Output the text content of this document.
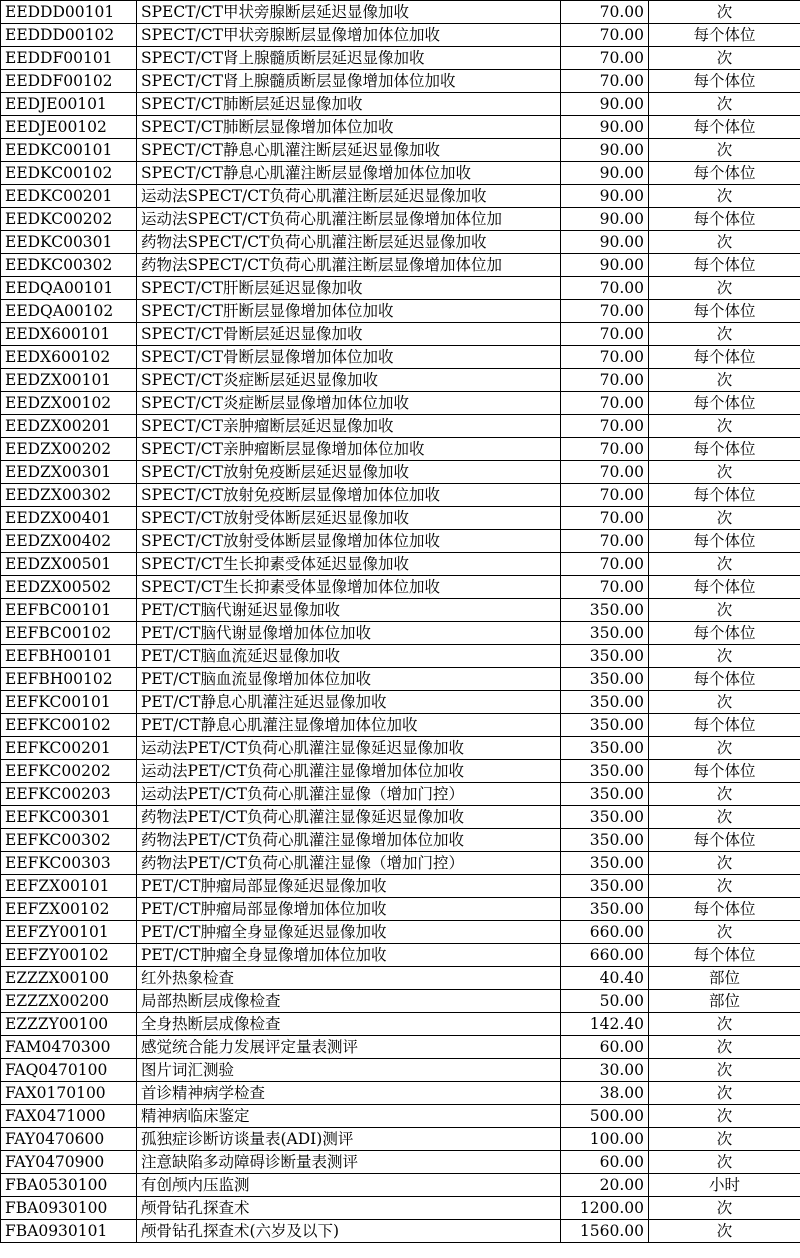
EEDDD00101	SPECT/CT甲状旁腺断层延迟显像加收	70.00	次
EEDDD00102	SPECT/CT甲状旁腺断层显像增加体位加收	70.00	每个体位
EEDDF00101	SPECT/CT肾上腺髓质断层延迟显像加收	70.00	次
EEDDF00102	SPECT/CT肾上腺髓质断层显像增加体位加收	70.00	每个体位
EEDJE00101	SPECT/CT肺断层延迟显像加收	90.00	次
EEDJE00102	SPECT/CT肺断层显像增加体位加收	90.00	每个体位
EEDKC00101	SPECT/CT静息心肌灌注断层延迟显像加收	90.00	次
EEDKC00102	SPECT/CT静息心肌灌注断层显像增加体位加收	90.00	每个体位
EEDKC00201	运动法SPECT/CT负荷心肌灌注断层延迟显像加收	90.00	次
EEDKC00202	运动法SPECT/CT负荷心肌灌注断层显像增加体位加	90.00	每个体位
EEDKC00301	药物法SPECT/CT负荷心肌灌注断层延迟显像加收	90.00	次
EEDKC00302	药物法SPECT/CT负荷心肌灌注断层显像增加体位加	90.00	每个体位
EEDQA00101	SPECT/CT肝断层延迟显像加收	70.00	次
EEDQA00102	SPECT/CT肝断层显像增加体位加收	70.00	每个体位
EEDX600101	SPECT/CT骨断层延迟显像加收	70.00	次
EEDX600102	SPECT/CT骨断层显像增加体位加收	70.00	每个体位
EEDZX00101	SPECT/CT炎症断层延迟显像加收	70.00	次
EEDZX00102	SPECT/CT炎症断层显像增加体位加收	70.00	每个体位
EEDZX00201	SPECT/CT亲肿瘤断层延迟显像加收	70.00	次
EEDZX00202	SPECT/CT亲肿瘤断层显像增加体位加收	70.00	每个体位
EEDZX00301	SPECT/CT放射免疫断层延迟显像加收	70.00	次
EEDZX00302	SPECT/CT放射免疫断层显像增加体位加收	70.00	每个体位
EEDZX00401	SPECT/CT放射受体断层延迟显像加收	70.00	次
EEDZX00402	SPECT/CT放射受体断层显像增加体位加收	70.00	每个体位
EEDZX00501	SPECT/CT生长抑素受体延迟显像加收	70.00	次
EEDZX00502	SPECT/CT生长抑素受体显像增加体位加收	70.00	每个体位
EEFBC00101	PET/CT脑代谢延迟显像加收	350.00	次
EEFBC00102	PET/CT脑代谢显像增加体位加收	350.00	每个体位
EEFBH00101	PET/CT脑血流延迟显像加收	350.00	次
EEFBH00102	PET/CT脑血流显像增加体位加收	350.00	每个体位
EEFKC00101	PET/CT静息心肌灌注延迟显像加收	350.00	次
EEFKC00102	PET/CT静息心肌灌注显像增加体位加收	350.00	每个体位
EEFKC00201	运动法PET/CT负荷心肌灌注显像延迟显像加收	350.00	次
EEFKC00202	运动法PET/CT负荷心肌灌注显像增加体位加收	350.00	每个体位
EEFKC00203	运动法PET/CT负荷心肌灌注显像（增加门控）	350.00	次
EEFKC00301	药物法PET/CT负荷心肌灌注显像延迟显像加收	350.00	次
EEFKC00302	药物法PET/CT负荷心肌灌注显像增加体位加收	350.00	每个体位
EEFKC00303	药物法PET/CT负荷心肌灌注显像（增加门控）	350.00	次
EEFZX00101	PET/CT肿瘤局部显像延迟显像加收	350.00	次
EEFZX00102	PET/CT肿瘤局部显像增加体位加收	350.00	每个体位
EEFZY00101	PET/CT肿瘤全身显像延迟显像加收	660.00	次
EEFZY00102	PET/CT肿瘤全身显像增加体位加收	660.00	每个体位
EZZZX00100	红外热象检查	40.40	部位
EZZZX00200	局部热断层成像检查	50.00	部位
EZZZY00100	全身热断层成像检查	142.40	次
FAM0470300	感觉统合能力发展评定量表测评	60.00	次
FAQ0470100	图片词汇测验	30.00	次
FAX0170100	首诊精神病学检查	38.00	次
FAX0471000	精神病临床鉴定	500.00	次
FAY0470600	孤独症诊断访谈量表(ADI)测评	100.00	次
FAY0470900	注意缺陷多动障碍诊断量表测评	60.00	次
FBA0530100	有创颅内压监测	20.00	小时
FBA0930100	颅骨钻孔探查术	1200.00	次
FBA0930101	颅骨钻孔探查术(六岁及以下)	1560.00	次
